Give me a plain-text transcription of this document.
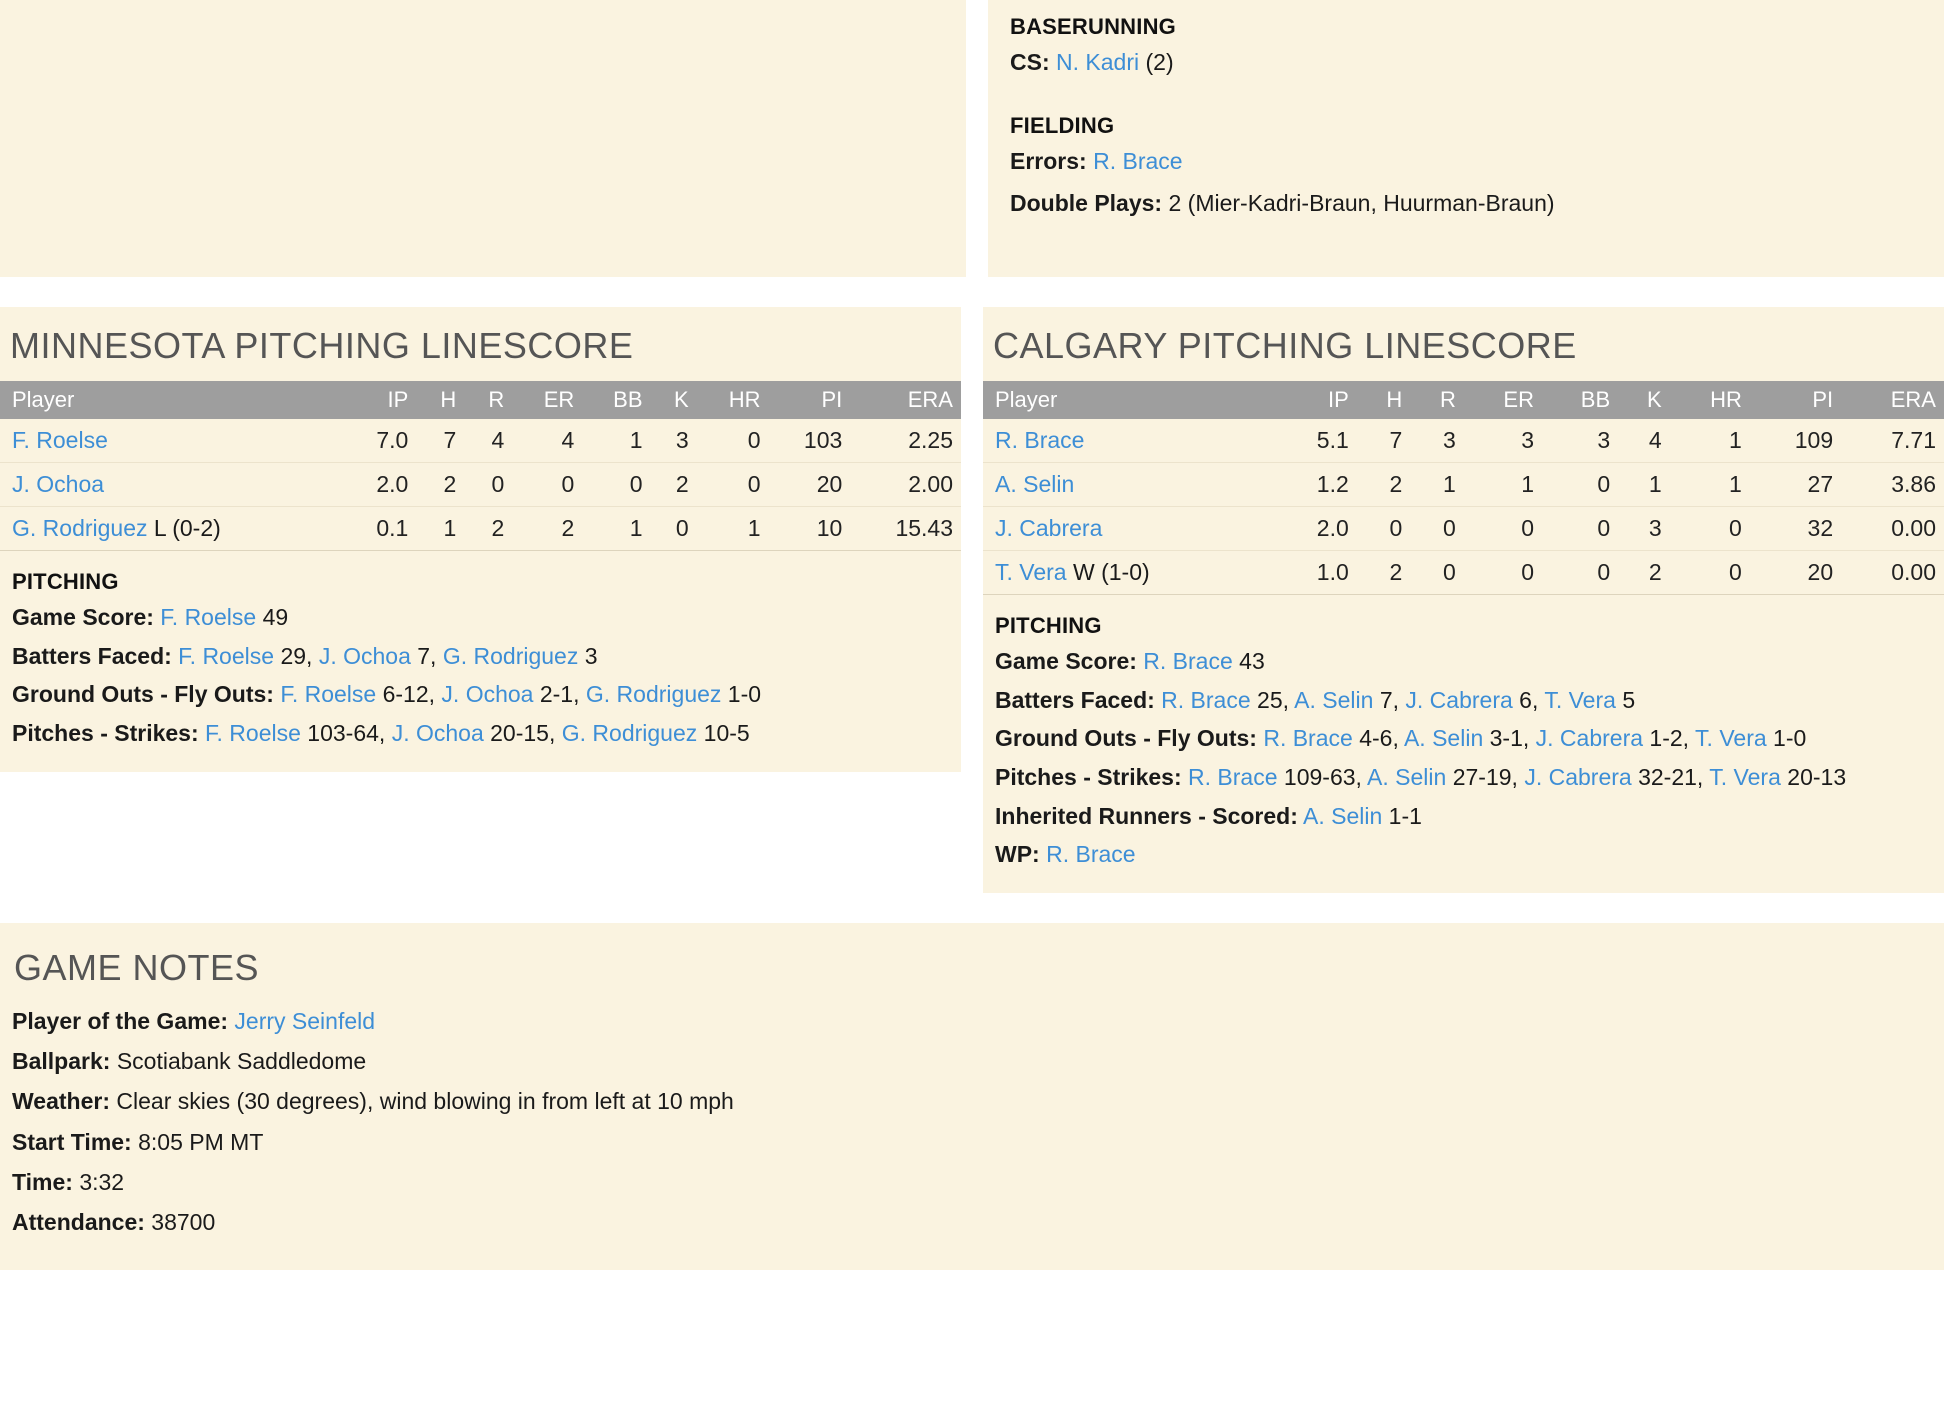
BASERUNNING

CS: N. Kadri (2)

FIELDING

Errors: R. Brace

Double Plays: 2 (Mier-Kadri-Braun, Huurman-Braun)

MINNESOTA PITCHING LINESCORE
Player	IP	H	R	ER	BB	K	HR	PI	ERA
F. Roelse	7.0	7	4	4	1	3	0	103	2.25
J. Ochoa	2.0	2	0	0	0	2	0	20	2.00
G. Rodriguez L (0-2)	0.1	1	2	2	1	0	1	10	15.43
PITCHING

Game Score: F. Roelse 49

Batters Faced: F. Roelse 29, J. Ochoa 7, G. Rodriguez 3

Ground Outs - Fly Outs: F. Roelse 6-12, J. Ochoa 2-1, G. Rodriguez 1-0

Pitches - Strikes: F. Roelse 103-64, J. Ochoa 20-15, G. Rodriguez 10-5

CALGARY PITCHING LINESCORE
Player	IP	H	R	ER	BB	K	HR	PI	ERA
R. Brace	5.1	7	3	3	3	4	1	109	7.71
A. Selin	1.2	2	1	1	0	1	1	27	3.86
J. Cabrera	2.0	0	0	0	0	3	0	32	0.00
T. Vera W (1-0)	1.0	2	0	0	0	2	0	20	0.00
PITCHING

Game Score: R. Brace 43

Batters Faced: R. Brace 25, A. Selin 7, J. Cabrera 6, T. Vera 5

Ground Outs - Fly Outs: R. Brace 4-6, A. Selin 3-1, J. Cabrera 1-2, T. Vera 1-0

Pitches - Strikes: R. Brace 109-63, A. Selin 27-19, J. Cabrera 32-21, T. Vera 20-13

Inherited Runners - Scored: A. Selin 1-1

WP: R. Brace

GAME NOTES

Player of the Game: Jerry Seinfeld

Ballpark: Scotiabank Saddledome

Weather: Clear skies (30 degrees), wind blowing in from left at 10 mph

Start Time: 8:05 PM MT

Time: 3:32

Attendance: 38700
